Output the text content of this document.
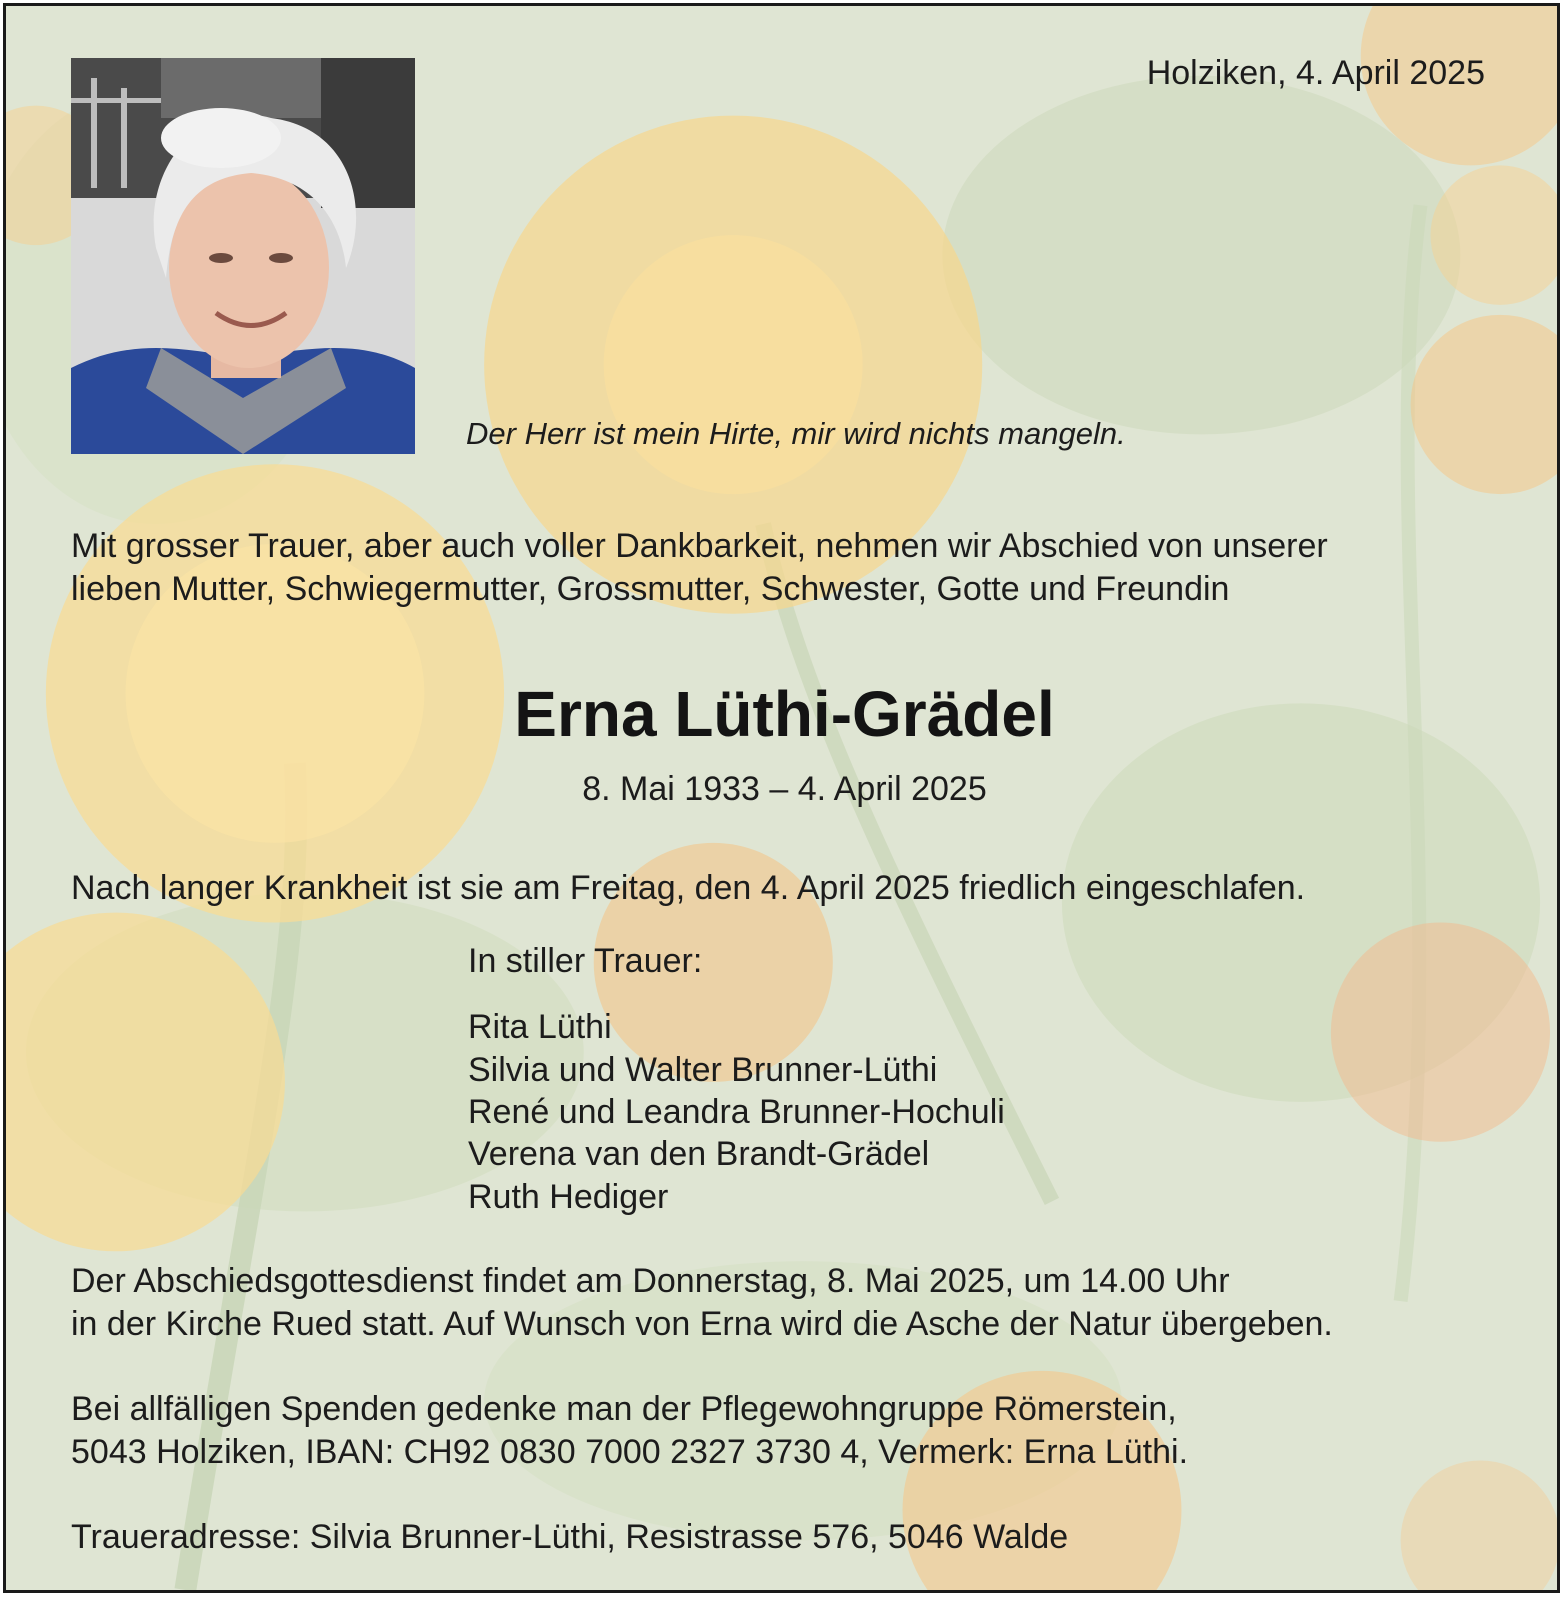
Holziken, 4. April 2025
Der Herr ist mein Hirte, mir wird nichts mangeln.
Mit grosser Trauer, aber auch voller Dankbarkeit, nehmen wir Abschied von unserer
lieben Mutter, Schwiegermutter, Grossmutter, Schwester, Gotte und Freundin
Erna Lüthi-Grädel
8. Mai 1933 – 4. April 2025
Nach langer Krankheit ist sie am Freitag, den 4. April 2025 friedlich eingeschlafen.
In stiller Trauer:
Rita Lüthi
Silvia und Walter Brunner-Lüthi
René und Leandra Brunner-Hochuli
Verena van den Brandt-Grädel
Ruth Hediger
Der Abschiedsgottesdienst findet am Donnerstag, 8. Mai 2025, um 14.00 Uhr
in der Kirche Rued statt. Auf Wunsch von Erna wird die Asche der Natur übergeben.
Bei allfälligen Spenden gedenke man der Pflegewohngruppe Römerstein,
5043 Holziken, IBAN: CH92 0830 7000 2327 3730 4, Vermerk: Erna Lüthi.
Traueradresse: Silvia Brunner-Lüthi, Resistrasse 576, 5046 Walde
